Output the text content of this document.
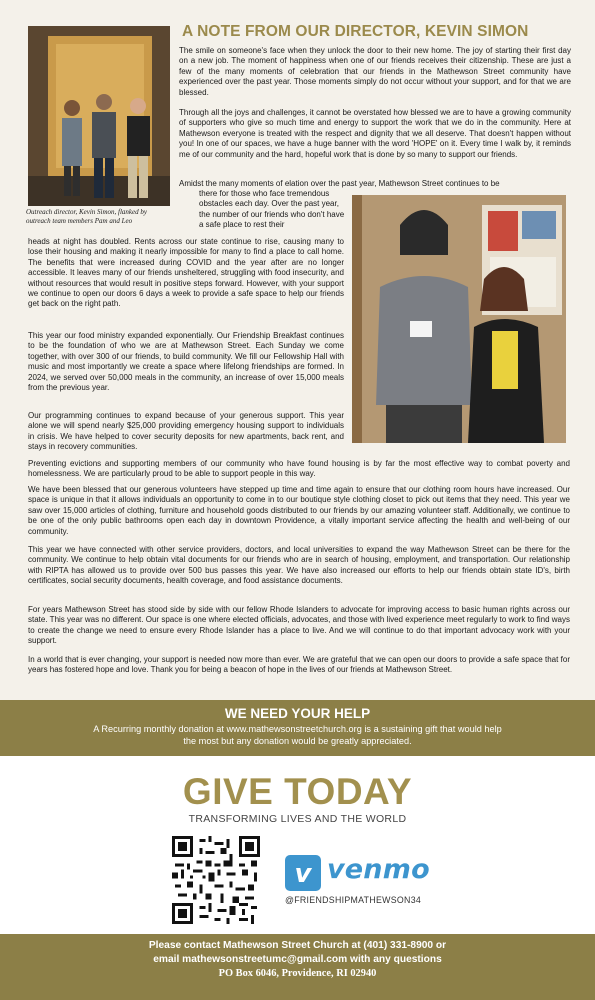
Outreach director, Kevin Simon, flanked by outreach team members Pam and Leo
A NOTE FROM OUR DIRECTOR, KEVIN SIMON

The smile on someone's face when they unlock the door to their new home. The joy of starting their first day on a new job. The moment of happiness when one of our friends receives their citizenship. These are just a few of the many moments of celebration that our friends in the Mathewson Street community have experienced over the past year. Those moments simply do not occur without your support, and for that we are blessed.

Through all the joys and challenges, it cannot be overstated how blessed we are to have a growing community of supporters who give so much time and energy to support the work that we do in the community. Here at Mathewson everyone is treated with the respect and dignity that we all deserve. That doesn't happen without you! In one of our spaces, we have a huge banner with the word 'HOPE' on it. Every time I walk by, it reminds me of our community and the hard, hopeful work that is done by so many to support our friends.

Amidst the many moments of elation over the past year, Mathewson Street continues to be

there for those who face tremendous obstacles each day. Over the past year, the number of our friends who don't have a safe place to rest their

heads at night has doubled. Rents across our state continue to rise, causing many to lose their housing and making it nearly impossible for many to find a place to call home. The benefits that were increased during COVID and the year after are no longer accessible. It leaves many of our friends unsheltered, struggling with food insecurity, and without resources that would result in positive steps forward. However, with your support we continue to open our doors 6 days a week to provide a safe space to help our friends get back on the right path.

This year our food ministry expanded exponentially. Our Friendship Breakfast continues to be the foundation of who we are at Mathewson Street. Each Sunday we come together, with over 300 of our friends, to build community. We fill our Fellowship Hall with music and most importantly we create a space where lifelong friendships are formed. In 2024, we served over 50,000 meals in the community, an increase of over 15,000 meals from the previous year.

Our programming continues to expand because of your generous support. This year alone we will spend nearly $25,000 providing emergency housing support to individuals in crisis. We have helped to cover security deposits for new apartments, back rent, and stays in recovery communities.

Preventing evictions and supporting members of our community who have found housing is by far the most effective way to combat poverty and homelessness. We are particularly proud to be able to support people in this way.

We have been blessed that our generous volunteers have stepped up time and time again to ensure that our clothing room hours have increased. Our space is unique in that it allows individuals an opportunity to come in to our boutique style clothing closet to pick out items that they need. This year we saw over 15,000 articles of clothing, furniture and household goods distributed to our friends by our amazing volunteer staff. Additionally, we continue to be one of the only public bathrooms open each day in downtown Providence, a vitally important service affecting the health and well-being of our community.

This year we have connected with other service providers, doctors, and local universities to expand the way Mathewson Street can be there for the community. We continue to help obtain vital documents for our friends who are in search of housing, employment, and transportation. Our relationship with RIPTA has allowed us to provide over 500 bus passes this year. We have also increased our efforts to help our friends obtain state ID's, birth certificates, social security documents, health coverage, and food assistance documents.

For years Mathewson Street has stood side by side with our fellow Rhode Islanders to advocate for improving access to basic human rights across our state. This year was no different. Our space is one where elected officials, advocates, and those with lived experience meet regularly to work to find ways to create the change we need to ensure every Rhode Islander has a place to live. And we will continue to do that important advocacy work with your support.

In a world that is ever changing, your support is needed now more than ever. We are grateful that we can open our doors to provide a safe space that for years has fostered hope and love. Thank you for being a beacon of hope in the lives of our friends at Mathewson Street.

WE NEED YOUR HELP

A Recurring monthly donation at www.mathewsonstreetchurch.org is a sustaining gift that would help the most but any donation would be greatly appreciated.

GIVE TODAY

TRANSFORMING LIVES AND THE WORLD

v venmo
@FRIENDSHIPMATHEWSON34

Please contact Mathewson Street Church at (401) 331-8900 or

email mathewsonstreetumc@gmail.com with any questions

PO Box 6046, Providence, RI 02940
